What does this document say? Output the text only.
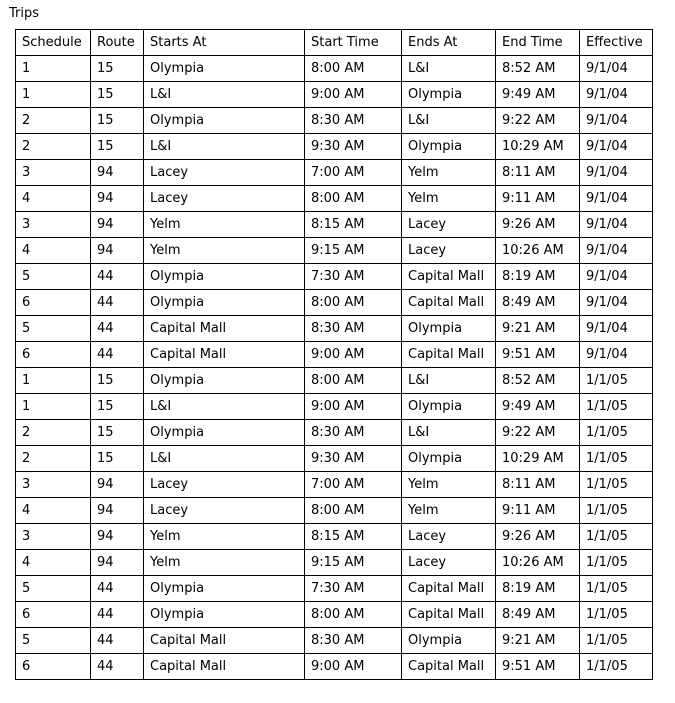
Trips
Schedule	Route	Starts At	Start Time	Ends At	End Time	Effective
1	15	Olympia	8:00 AM	L&I	8:52 AM	9/1/04
1	15	L&I	9:00 AM	Olympia	9:49 AM	9/1/04
2	15	Olympia	8:30 AM	L&I	9:22 AM	9/1/04
2	15	L&I	9:30 AM	Olympia	10:29 AM	9/1/04
3	94	Lacey	7:00 AM	Yelm	8:11 AM	9/1/04
4	94	Lacey	8:00 AM	Yelm	9:11 AM	9/1/04
3	94	Yelm	8:15 AM	Lacey	9:26 AM	9/1/04
4	94	Yelm	9:15 AM	Lacey	10:26 AM	9/1/04
5	44	Olympia	7:30 AM	Capital Mall	8:19 AM	9/1/04
6	44	Olympia	8:00 AM	Capital Mall	8:49 AM	9/1/04
5	44	Capital Mall	8:30 AM	Olympia	9:21 AM	9/1/04
6	44	Capital Mall	9:00 AM	Capital Mall	9:51 AM	9/1/04
1	15	Olympia	8:00 AM	L&I	8:52 AM	1/1/05
1	15	L&I	9:00 AM	Olympia	9:49 AM	1/1/05
2	15	Olympia	8:30 AM	L&I	9:22 AM	1/1/05
2	15	L&I	9:30 AM	Olympia	10:29 AM	1/1/05
3	94	Lacey	7:00 AM	Yelm	8:11 AM	1/1/05
4	94	Lacey	8:00 AM	Yelm	9:11 AM	1/1/05
3	94	Yelm	8:15 AM	Lacey	9:26 AM	1/1/05
4	94	Yelm	9:15 AM	Lacey	10:26 AM	1/1/05
5	44	Olympia	7:30 AM	Capital Mall	8:19 AM	1/1/05
6	44	Olympia	8:00 AM	Capital Mall	8:49 AM	1/1/05
5	44	Capital Mall	8:30 AM	Olympia	9:21 AM	1/1/05
6	44	Capital Mall	9:00 AM	Capital Mall	9:51 AM	1/1/05
